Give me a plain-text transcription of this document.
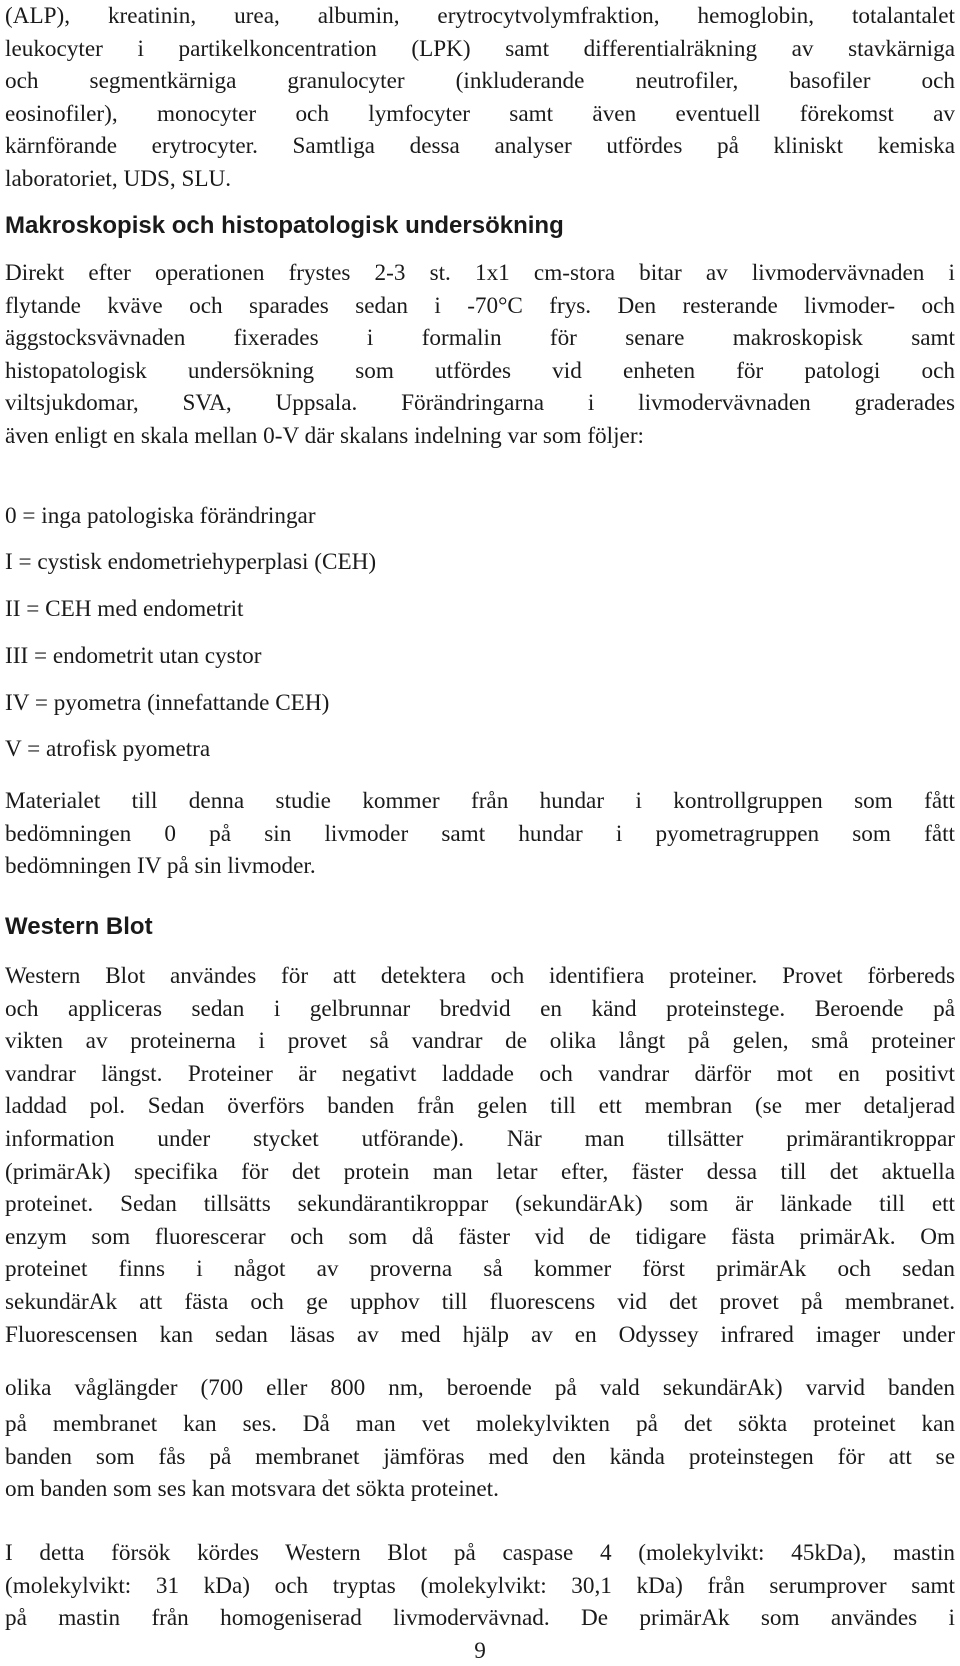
(ALP), kreatinin, urea, albumin, erytrocytvolymfraktion, hemoglobin, totalantalet
leukocyter i partikelkoncentration (LPK) samt differentialräkning av stavkärniga
och segmentkärniga granulocyter (inkluderande neutrofiler, basofiler och
eosinofiler), monocyter och lymfocyter samt även eventuell förekomst av
kärnförande erytrocyter. Samtliga dessa analyser utfördes på kliniskt kemiska
laboratoriet, UDS, SLU.
Makroskopisk och histopatologisk undersökning
Direkt efter operationen frystes 2-3 st. 1x1 cm-stora bitar av livmodervävnaden i
flytande kväve och sparades sedan i -70°C frys. Den resterande livmoder- och
äggstocksvävnaden fixerades i formalin för senare makroskopisk samt
histopatologisk undersökning som utfördes vid enheten för patologi och
viltsjukdomar, SVA, Uppsala. Förändringarna i livmodervävnaden graderades
även enligt en skala mellan 0-V där skalans indelning var som följer:

0 = inga patologiska förändringar

I = cystisk endometriehyperplasi (CEH)

II = CEH med endometrit

III = endometrit utan cystor

IV = pyometra (innefattande CEH)

V = atrofisk pyometra

Materialet till denna studie kommer från hundar i kontrollgruppen som fått
bedömningen 0 på sin livmoder samt hundar i pyometragruppen som fått
bedömningen IV på sin livmoder.
Western Blot
Western Blot användes för att detektera och identifiera proteiner. Provet förbereds
och appliceras sedan i gelbrunnar bredvid en känd proteinstege. Beroende på
vikten av proteinerna i provet så vandrar de olika långt på gelen, små proteiner
vandrar längst. Proteiner är negativt laddade och vandrar därför mot en positivt
laddad pol. Sedan överförs banden från gelen till ett membran (se mer detaljerad
information under stycket utförande). När man tillsätter primärantikroppar
(primärAk) specifika för det protein man letar efter, fäster dessa till det aktuella
proteinet. Sedan tillsätts sekundärantikroppar (sekundärAk) som är länkade till ett
enzym som fluorescerar och som då fäster vid de tidigare fästa primärAk. Om
proteinet finns i något av proverna så kommer först primärAk och sedan
sekundärAk att fästa och ge upphov till fluorescens vid det provet på membranet.
Fluorescensen kan sedan läsas av med hjälp av en Odyssey infrared imager under
olika våglängder (700 eller 800 nm, beroende på vald sekundärAk) varvid banden
på membranet kan ses. Då man vet molekylvikten på det sökta proteinet kan
banden som fås på membranet jämföras med den kända proteinstegen för att se
om banden som ses kan motsvara det sökta proteinet.
I detta försök kördes Western Blot på caspase 4 (molekylvikt: 45kDa), mastin
(molekylvikt: 31 kDa) och tryptas (molekylvikt: 30,1 kDa) från serumprover samt
på mastin från homogeniserad livmodervävnad. De primärAk som användes i
9
